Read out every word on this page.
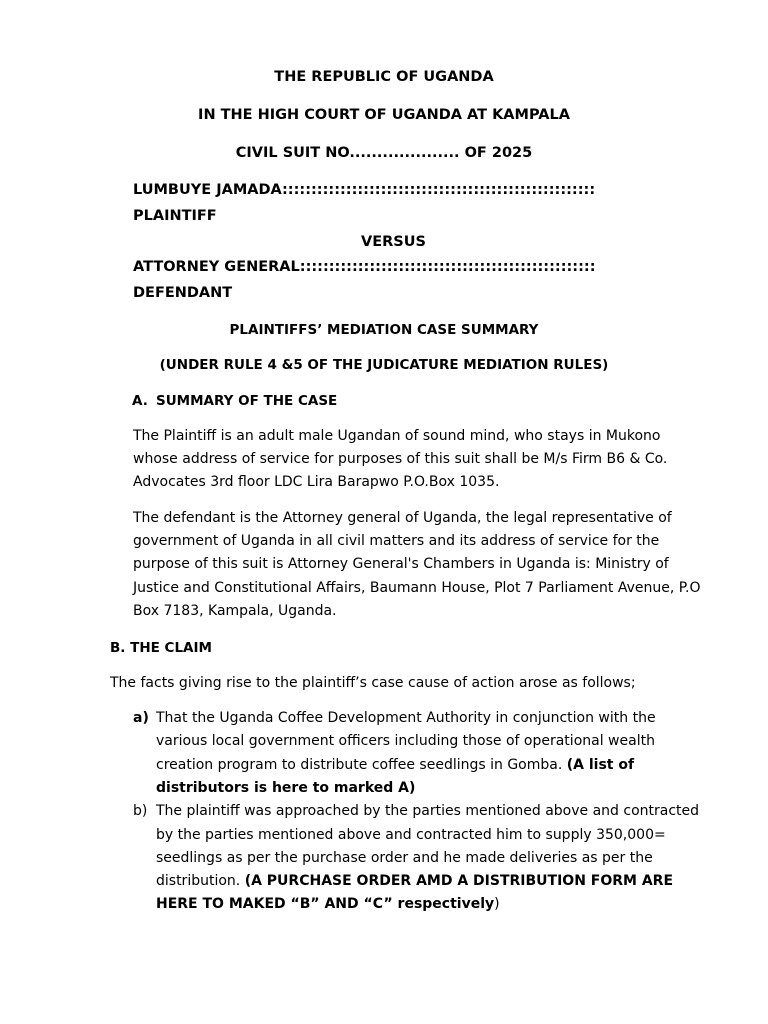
THE REPUBLIC OF UGANDA
IN THE HIGH COURT OF UGANDA AT KAMPALA
CIVIL SUIT NO.................... OF 2025
LUMBUYE JAMADA::::::::::::::::::::::::::::::::::::::::::::::::::::::
PLAINTIFF
VERSUS
ATTORNEY GENERAL:::::::::::::::::::::::::::::::::::::::::::::::::::
DEFENDANT
PLAINTIFFS’ MEDIATION CASE SUMMARY
(UNDER RULE 4 &5 OF THE JUDICATURE MEDIATION RULES)
A. SUMMARY OF THE CASE
The Plaintiff is an adult male Ugandan of sound mind, who stays in Mukono
whose address of service for purposes of this suit shall be M/s Firm B6 & Co.
Advocates 3rd floor LDC Lira Barapwo P.O.Box 1035.
The defendant is the Attorney general of Uganda, the legal representative of
government of Uganda in all civil matters and its address of service for the
purpose of this suit is Attorney General's Chambers in Uganda is: Ministry of
Justice and Constitutional Affairs, Baumann House, Plot 7 Parliament Avenue, P.O
Box 7183, Kampala, Uganda.
B. THE CLAIM
The facts giving rise to the plaintiff’s case cause of action arose as follows;
a) That the Uganda Coffee Development Authority in conjunction with the
various local government officers including those of operational wealth
creation program to distribute coffee seedlings in Gomba. (A list of
distributors is here to marked A)
b) The plaintiff was approached by the parties mentioned above and contracted
by the parties mentioned above and contracted him to supply 350,000=
seedlings as per the purchase order and he made deliveries as per the
distribution. (A PURCHASE ORDER AMD A DISTRIBUTION FORM ARE
HERE TO MAKED “B” AND “C” respectively)
